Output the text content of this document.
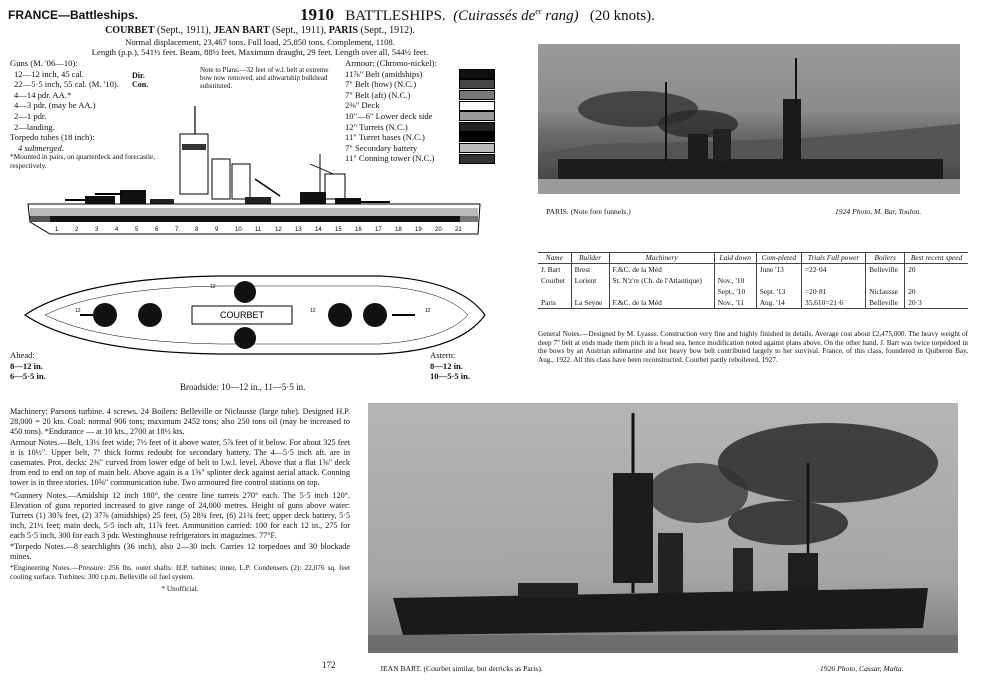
FRANCE—Battleships.	1910 BATTLESHIPS. (Cuirassés $de^{er}$ rang) (20 knots).
COURBET (Sept., 1911), JEAN BART (Sept., 1911), PARIS (Sept., 1912).
Normal displacement, 23,467 tons. Full load, 25,850 tons. Complement, 1108.
Length (p.p.), 541½ feet. Beam, 88½ feet. Maximum draught, 29 feet. Length over all, 544½ feet.
Guns (M. '06—10):
12—12 inch, 45 cal.
22—5·5 inch, 55 cal. (M. '10).
4—14 pdr. AA.*
4—3 pdr. (may be AA.)
2—1 pdr.
2—landing.
Torpedo tubes (18 inch):
4 submerged.
*Mounted in pairs, on quarterdeck and forecastle, respectively.
Dir.
Con.
Note to Plans.—32 feet of w.l. belt at extreme bow now removed, and athwartship bulkhead substituted.
Armour: (Chromo-nickel):
11⅞" Belt (amidships)
7" Belt (bow) (N.C.)
7" Belt (aft) (N.C.)
2⅜" Deck
10"—6" Lower deck side
12" Turrets (N.C.)
11" Turret bases (N.C.)
7" Secondary battery
11" Conning tower (N.C.)
1	2	3	4	5	6	7	8	9	10 11 12 13 14 15 16 17 18 19 20 21
COURBET
12
12
12	12
Ahead:
8—12 in.
6—5·5 in.
Astern:
8—12 in.
10—5·5 in.
Broadside: 10—12 in., 11—5·5 in.

Machinery: Parsons turbine. 4 screws. 24 Boilers: Belleville or Niclausse (large tube). Designed H.P. 28,000 = 20 kts. Coal: normal 906 tons; maximum 2452 tons; also 250 tons oil (may be increased to 450 tons). *Endurance — at 10 kts., 2700 at 18½ kts.

Armour Notes.—Belt, 13½ feet wide; 7½ feet of it above water, 5⅞ feet of it below. For about 325 feet it is 10½". Upper belt, 7" thick forms redoubt for secondary battery. The 4—5·5 inch aft. are in casemates. Prot. decks: 2⅜" curved from lower edge of belt to l.w.l. level. Above that a flat 1⅝" deck from end to end on top of main belt. Above again is a 1⅝" splinter deck against aerial attack. Conning tower is in three stories. 10⅝" communication tube. Two armoured fire control stations on top.

*Gunnery Notes.—Amidship 12 inch 180°, the centre line turrets 270° each. The 5·5 inch 120°. Elevation of guns reported increased to give range of 24,000 metres. Height of guns above water: Turrets (1) 30⅞ feet, (2) 37⅞ (amidships) 25 feet, (5) 28¾ feet, (6) 21¾ feet; upper deck battery, 5·5 inch, 21½ feet; main deck, 5·5 inch aft, 11⅞ feet. Ammunition carried: 100 for each 12 in., 275 for each 5·5 inch, 300 for each 3 pdr. Westinghouse refrigerators in magazines. 77°F.

*Torpedo Notes.—8 searchlights (36 inch), also 2—30 inch. Carries 12 torpedoes and 30 blockade mines.

*Engineering Notes.—Pressure: 256 lbs. outer shafts: H.P. turbines; inner, L.P. Condensers (2): 22,076 sq. feet cooling surface. Turbines: 300 r.p.m. Belleville oil fuel system.

* Unofficial.

172
PARIS. (Note fore funnels.)	1924 Photo, M. Bar, Toulon.
Name	Builder	Machinery	Laid down	Com-pleted	Trials Full power	Boilers	Best recent speed
J. Bart	Brest	F.&C. de la Méd		June '13	=22·04	Belleville	20
Courbet	Lorient	St. N'z're (Ch. de l'Atlantique)	Nov., '10				
			Sept., '10	Sept. '13	=20·81	Niclausse	20
Paris	La Seyne	F.&C. de la Méd	Nov., '11	Aug. '14	35,610=21·6	Belleville	20·3
General Notes.—Designed by M. Lyasse. Construction very fine and highly finished in details. Average cost about £2,475,000. The heavy weight of deep 7" belt at ends made them pitch in a head sea, hence modification noted against plans above. On the other hand, J. Bart was twice torpedoed in the bows by an Austrian submarine and her heavy bow belt contributed largely to her survival. France, of this class, foundered in Quiberon Bay, Aug., 1922. All this class have been reconstructed. Courbet partly reboilered, 1927.
JEAN BART. (Courbet similar, but derricks as Paris).	1926 Photo, Cassar, Malta.
